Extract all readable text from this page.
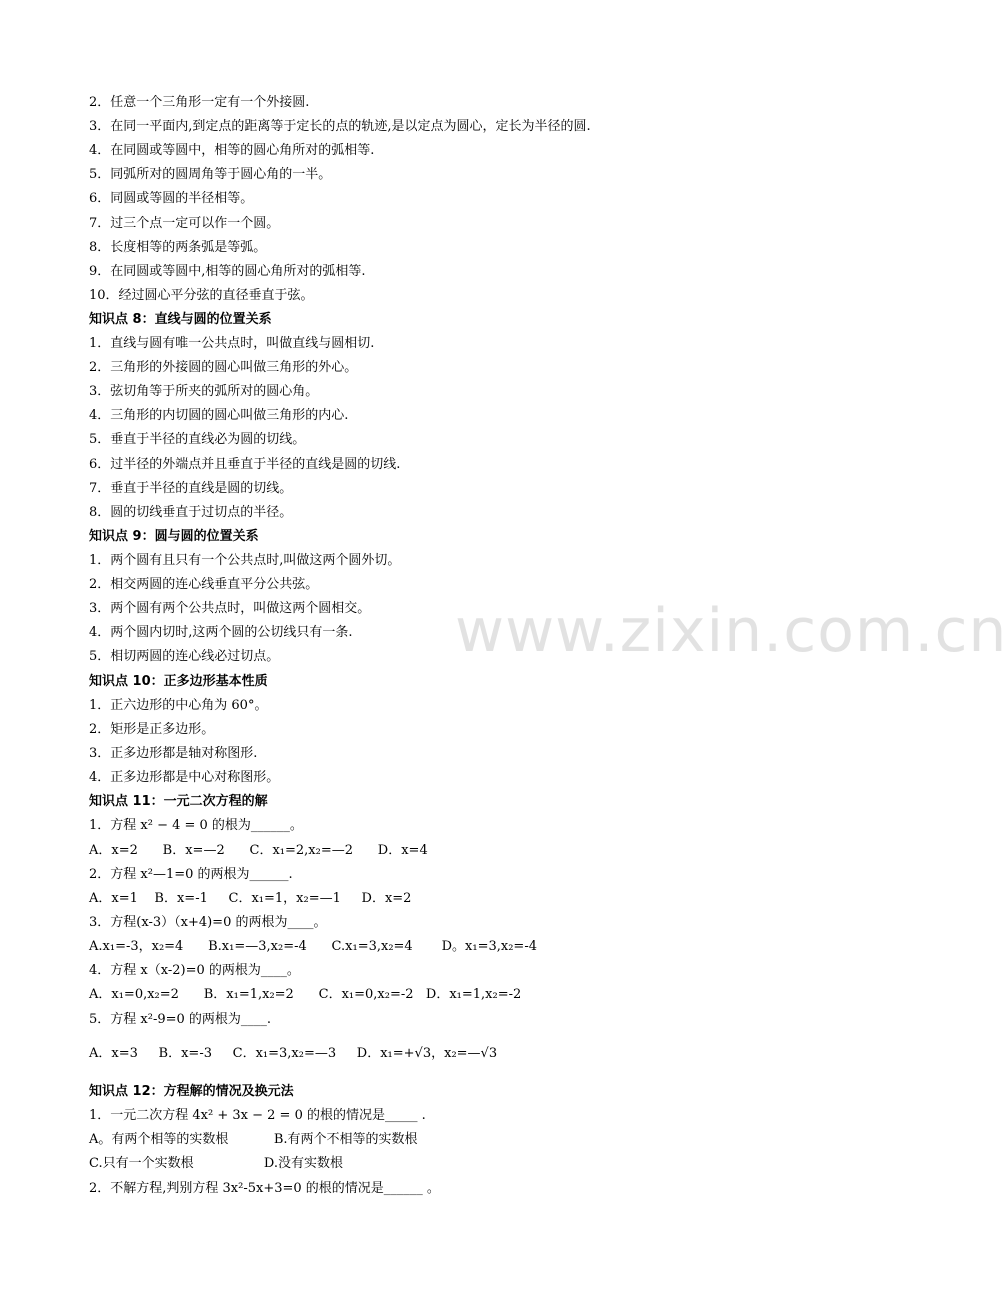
www.zixin.com.cn
2．任意一个三角形一定有一个外接圆.
3．在同一平面内,到定点的距离等于定长的点的轨迹,是以定点为圆心，定长为半径的圆.
4．在同圆或等圆中，相等的圆心角所对的弧相等.
5．同弧所对的圆周角等于圆心角的一半。
6．同圆或等圆的半径相等。
7．过三个点一定可以作一个圆。
8．长度相等的两条弧是等弧。
9．在同圆或等圆中,相等的圆心角所对的弧相等.
10．经过圆心平分弦的直径垂直于弦。
知识点 8：直线与圆的位置关系
1．直线与圆有唯一公共点时，叫做直线与圆相切.
2．三角形的外接圆的圆心叫做三角形的外心。
3．弦切角等于所夹的弧所对的圆心角。
4．三角形的内切圆的圆心叫做三角形的内心.
5．垂直于半径的直线必为圆的切线。
6．过半径的外端点并且垂直于半径的直线是圆的切线.
7．垂直于半径的直线是圆的切线。
8．圆的切线垂直于过切点的半径。
知识点 9：圆与圆的位置关系
1．两个圆有且只有一个公共点时,叫做这两个圆外切。
2．相交两圆的连心线垂直平分公共弦。
3．两个圆有两个公共点时，叫做这两个圆相交。
4．两个圆内切时,这两个圆的公切线只有一条.
5．相切两圆的连心线必过切点。
知识点 10：正多边形基本性质
1．正六边形的中心角为 60°。
2．矩形是正多边形。
3．正多边形都是轴对称图形.
4．正多边形都是中心对称图形。
知识点 11：一元二次方程的解
1．方程 x² − 4 = 0 的根为______。
A．x=2      B．x=—2      C．x₁=2,x₂=—2      D．x=4
2．方程 x²—1=0 的两根为______.
A．x=1    B．x=-1     C．x₁=1，x₂=—1     D．x=2
3．方程(x-3）（x+4)=0 的两根为____。
A.x₁=-3，x₂=4      B.x₁=—3,x₂=-4      C.x₁=3,x₂=4       D。x₁=3,x₂=-4
4．方程 x（x-2)=0 的两根为____。
A．x₁=0,x₂=2      B．x₁=1,x₂=2      C．x₁=0,x₂=-2   D．x₁=1,x₂=-2
5．方程 x²-9=0 的两根为____.
A．x=3     B．x=-3     C．x₁=3,x₂=—3     D．x₁=+√3，x₂=—√3
知识点 12：方程解的情况及换元法
1．一元二次方程 4x² + 3x − 2 = 0 的根的情况是_____ .
A。有两个相等的实数根           B.有两个不相等的实数根
C.只有一个实数根                 D.没有实数根
2．不解方程,判别方程 3x²-5x+3=0 的根的情况是______ 。
